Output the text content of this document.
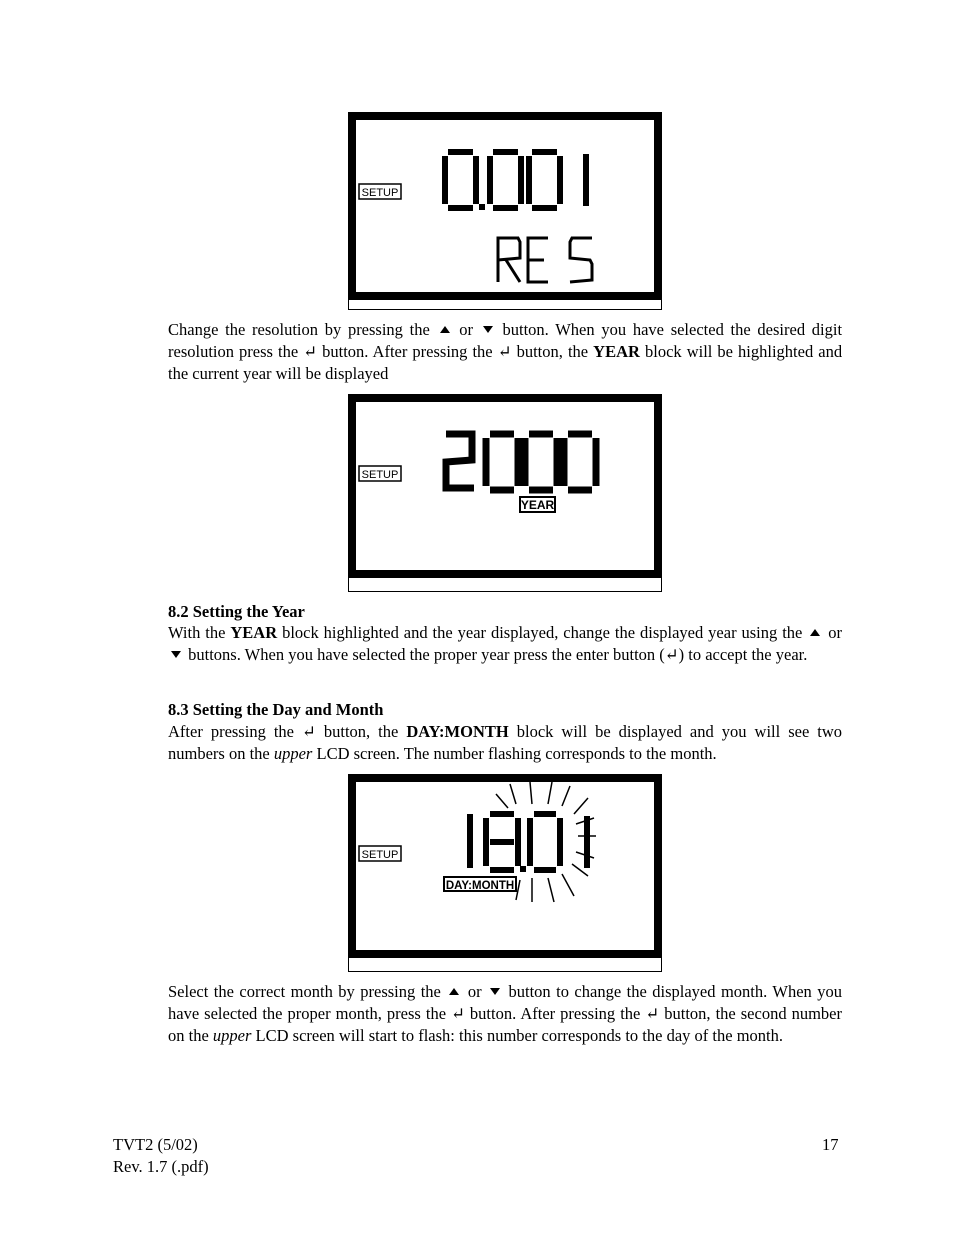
SETUP
Change the resolution by pressing the or button. When you have selected the desired digit resolution press the ↵ button. After pressing the ↵ button, the YEAR block will be highlighted and the current year will be displayed
SETUP
YEAR
8.2 Setting the Year
With the YEAR block highlighted and the year displayed, change the displayed year using the or  buttons. When you have selected the proper year press the enter button (↵) to accept the year.
8.3 Setting the Day and Month
After pressing the ↵ button, the DAY:MONTH block will be displayed and you will see two numbers on the upper LCD screen. The number flashing corresponds to the month.
SETUP
DAY:MONTH
Select the correct month by pressing the or button to change the displayed month. When you have selected the proper month, press the ↵ button. After pressing the ↵ button, the second number on the upper LCD screen will start to flash: this number corresponds to the day of the month.
TVT2 (5/02)
Rev. 1.7 (.pdf)
17
